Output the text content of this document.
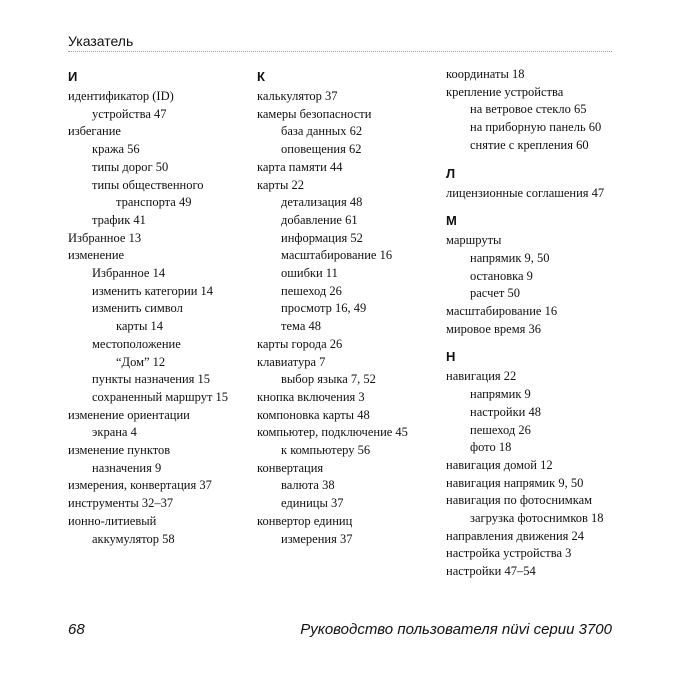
Указатель
И
идентификатор (ID)
устройства 47
избегание
кража 56
типы дорог 50
типы общественного
транспорта 49
трафик 41
Избранное 13
изменение
Избранное 14
изменить категории 14
изменить символ
карты 14
местоположение
“Дом” 12
пункты назначения 15
сохраненный маршрут 15
изменение ориентации
экрана 4
изменение пунктов
назначения 9
измерения, конвертация 37
инструменты 32–37
ионно-литиевый
аккумулятор 58
К
калькулятор 37
камеры безопасности
база данных 62
оповещения 62
карта памяти 44
карты 22
детализация 48
добавление 61
информация 52
масштабирование 16
ошибки 11
пешеход 26
просмотр 16, 49
тема 48
карты города 26
клавиатура 7
выбор языка 7, 52
кнопка включения 3
компоновка карты 48
компьютер, подключение 45
к компьютеру 56
конвертация
валюта 38
единицы 37
конвертор единиц
измерения 37
координаты 18
крепление устройства
на ветровое стекло 65
на приборную панель 60
снятие с крепления 60
Л
лицензионные соглашения 47
М
маршруты
напрямик 9, 50
остановка 9
расчет 50
масштабирование 16
мировое время 36
Н
навигация 22
напрямик 9
настройки 48
пешеход 26
фото 18
навигация домой 12
навигация напрямик 9, 50
навигация по фотоснимкам
загрузка фотоснимков 18
направления движения 24
настройка устройства 3
настройки 47–54
68	Руководство пользователя nüvi серии 3700
